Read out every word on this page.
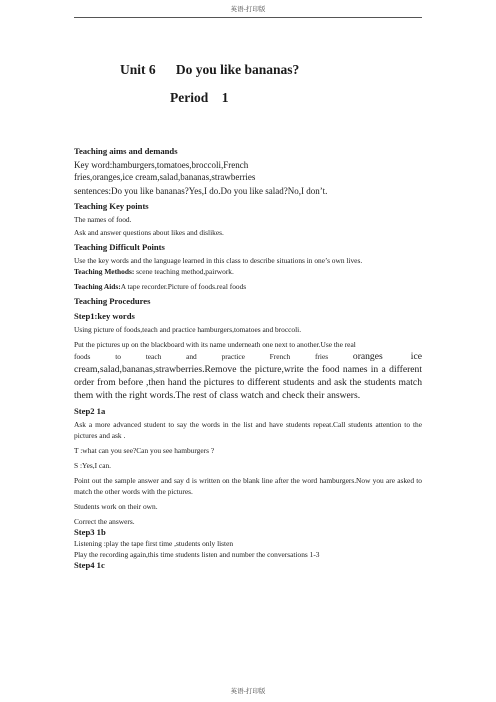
英语-打印版
Unit 6      Do you like bananas?
Period    1
Teaching aims and demands
Key word:hamburgers,tomatoes,broccoli,French
fries,oranges,ice cream,salad,bananas,strawberries
sentences:Do you like bananas?Yes,I do.Do you like salad?No,I don’t.
Teaching Key points
The names of food.
Ask and answer questions about likes and dislikes.
Teaching Difficult Points
Use the key words and the language learned in this class to describe situations in one’s own lives.
Teaching Methods: scene teaching method,pairwork.
Teaching Aids:A tape recorder.Picture of foods.real foods
Teaching Procedures
Step1:key words
Using picture of foods,teach and practice hamburgers,tomatoes and broccoli.
Put the pictures up on the blackboard with its name underneath one next to another.Use the real
foods      to      teach      and      practice      French      fries	oranges      ice
cream,salad,bananas,strawberries.Remove the picture,write the food names in a different order from before ,then hand the pictures to different students and ask the students match them with the right words.The rest of class watch and check their answers.
Step2 1a
Ask a more advanced student to say the words in the list and have students repeat.Call students attention to the pictures and ask .
T :what can you see?Can you see hamburgers ?
S :Yes,I can.
Point out the sample answer and say d is written on the blank line after the word hamburgers.Now you are asked to match the other words with the pictures.
Students work on their own.
Correct the answers.
Step3 1b
Listening :play the tape first time ,students only listen
Play the recording again,this time students listen and number the conversations 1-3
Step4 1c
英语-打印版
